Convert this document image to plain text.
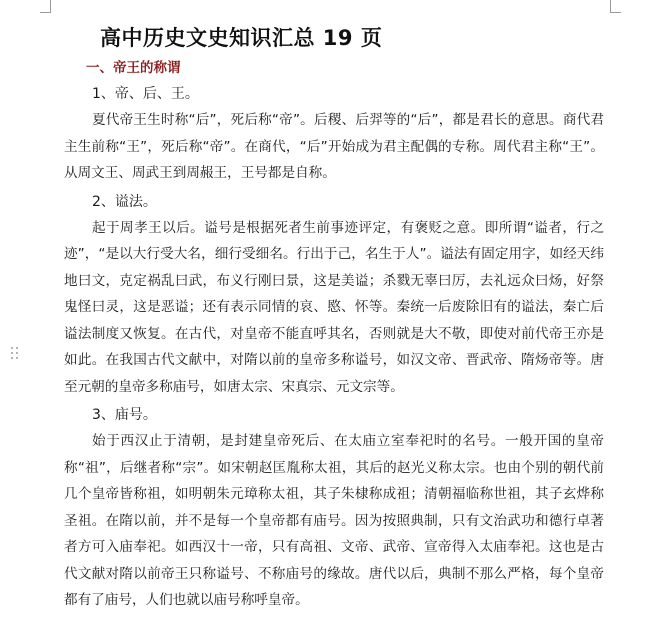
高中历史文史知识汇总 19 页
一、帝王的称谓
1、帝、后、王。

夏代帝王生时称“后”，死后称“帝”。后稷、后羿等的“后”，都是君长的意思。商代君主生前称“王”，死后称“帝”。在商代，“后”开始成为君主配偶的专称。周代君主称“王”。从周文王、周武王到周赧王，王号都是自称。

2、谥法。

起于周孝王以后。谥号是根据死者生前事迹评定，有褒贬之意。即所谓“谥者，行之迹”，“是以大行受大名，细行受细名。行出于己，名生于人”。谥法有固定用字，如经天纬地曰文，克定祸乱曰武，布义行刚曰景，这是美谥；杀戮无辜曰厉，去礼远众曰炀，好祭鬼怪曰灵，这是恶谥；还有表示同情的哀、愍、怀等。秦统一后废除旧有的谥法，秦亡后谥法制度又恢复。在古代，对皇帝不能直呼其名，否则就是大不敬，即使对前代帝王亦是如此。在我国古代文献中，对隋以前的皇帝多称谥号，如汉文帝、晋武帝、隋炀帝等。唐至元朝的皇帝多称庙号，如唐太宗、宋真宗、元文宗等。

3、庙号。

始于西汉止于清朝，是封建皇帝死后、在太庙立室奉祀时的名号。一般开国的皇帝称“祖”，后继者称“宗”。如宋朝赵匡胤称太祖，其后的赵光义称太宗。也由个别的朝代前几个皇帝皆称祖，如明朝朱元璋称太祖，其子朱棣称成祖；清朝福临称世祖，其子玄烨称圣祖。在隋以前，并不是每一个皇帝都有庙号。因为按照典制，只有文治武功和德行卓著者方可入庙奉祀。如西汉十一帝，只有高祖、文帝、武帝、宣帝得入太庙奉祀。这也是古代文献对隋以前帝王只称谥号、不称庙号的缘故。唐代以后，典制不那么严格，每个皇帝都有了庙号，人们也就以庙号称呼皇帝。
